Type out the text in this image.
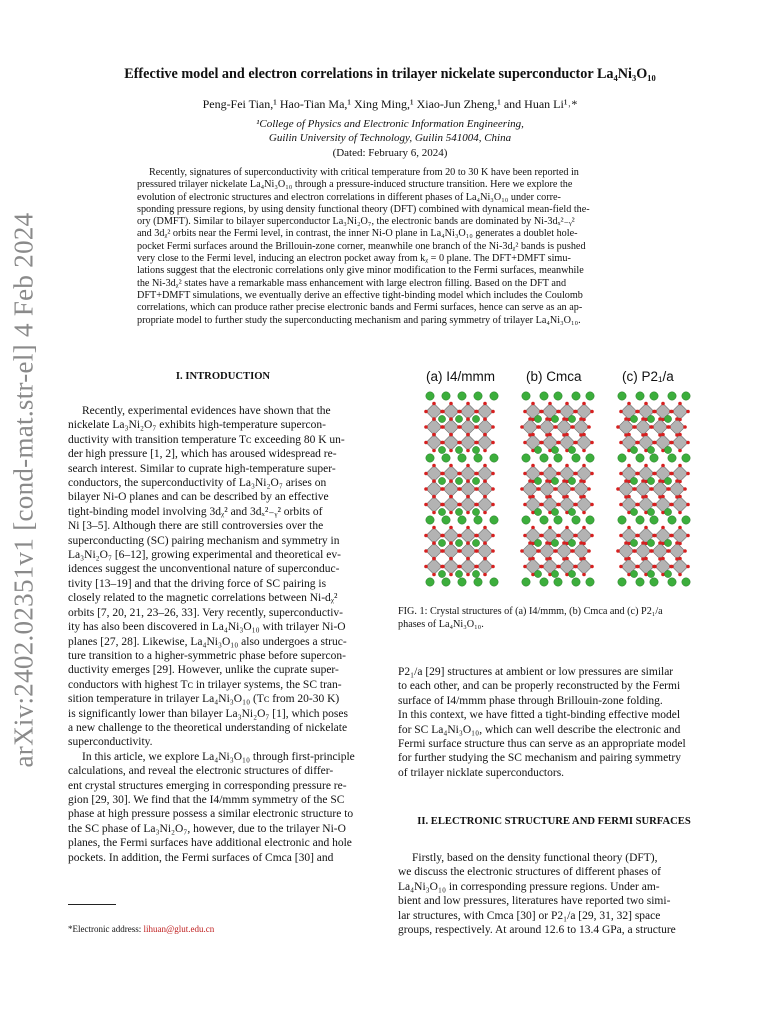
arXiv:2402.02351v1 [cond-mat.str-el] 4 Feb 2024
Effective model and electron correlations in trilayer nickelate superconductor La₄Ni₃O₁₀
Peng-Fei Tian,¹ Hao-Tian Ma,¹ Xing Ming,¹ Xiao-Jun Zheng,¹ and Huan Li¹˒*
¹College of Physics and Electronic Information Engineering,
Guilin University of Technology, Guilin 541004, China
(Dated: February 6, 2024)
Recently, signatures of superconductivity with critical temperature from 20 to 30 K have been reported in
pressured trilayer nickelate La₄Ni₃O₁₀ through a pressure-induced structure transition. Here we explore the
evolution of electronic structures and electron correlations in different phases of La₄Ni₃O₁₀ under corre-
sponding pressure regions, by using density functional theory (DFT) combined with dynamical mean-field the-
ory (DMFT). Similar to bilayer superconductor La₃Ni₂O₇, the electronic bands are dominated by Ni-3dₓ²₋ᵧ²
and 3dᵪ² orbits near the Fermi level, in contrast, the inner Ni-O plane in La₄Ni₃O₁₀ generates a doublet hole-
pocket Fermi surfaces around the Brillouin-zone corner, meanwhile one branch of the Ni-3dᵪ² bands is pushed
very close to the Fermi level, inducing an electron pocket away from kᵪ = 0 plane. The DFT+DMFT simu-
lations suggest that the electronic correlations only give minor modification to the Fermi surfaces, meanwhile
the Ni-3dᵪ² states have a remarkable mass enhancement with large electron filling. Based on the DFT and
DFT+DMFT simulations, we eventually derive an effective tight-binding model which includes the Coulomb
correlations, which can produce rather precise electronic bands and Fermi surfaces, hence can serve as an ap-
propriate model to further study the superconducting mechanism and paring symmetry of trilayer La₄Ni₃O₁₀.
I. INTRODUCTION
Recently, experimental evidences have shown that the
nickelate La₃Ni₂O₇ exhibits high-temperature supercon-
ductivity with transition temperature Tᴄ exceeding 80 K un-
der high pressure [1, 2], which has aroused widespread re-
search interest. Similar to cuprate high-temperature super-
conductors, the superconductivity of La₃Ni₂O₇ arises on
bilayer Ni-O planes and can be described by an effective
tight-binding model involving 3dᵪ² and 3dₓ²₋ᵧ² orbits of
Ni [3–5]. Although there are still controversies over the
superconducting (SC) pairing mechanism and symmetry in
La₃Ni₂O₇ [6–12], growing experimental and theoretical ev-
idences suggest the unconventional nature of superconduc-
tivity [13–19] and that the driving force of SC pairing is
closely related to the magnetic correlations between Ni-dᵪ²
orbits [7, 20, 21, 23–26, 33]. Very recently, superconductiv-
ity has also been discovered in La₄Ni₃O₁₀ with trilayer Ni-O
planes [27, 28]. Likewise, La₄Ni₃O₁₀ also undergoes a struc-
ture transition to a higher-symmetric phase before supercon-
ductivity emerges [29]. However, unlike the cuprate super-
conductors with highest Tᴄ in trilayer systems, the SC tran-
sition temperature in trilayer La₄Ni₃O₁₀ (Tᴄ from 20-30 K)
is significantly lower than bilayer La₃Ni₂O₇ [1], which poses
a new challenge to the theoretical understanding of nickelate
superconductivity.
In this article, we explore La₄Ni₃O₁₀ through first-principle
calculations, and reveal the electronic structures of differ-
ent crystal structures emerging in corresponding pressure re-
gion [29, 30]. We find that the I4/mmm symmetry of the SC
phase at high pressure possess a similar electronic structure to
the SC phase of La₃Ni₂O₇, however, due to the trilayer Ni-O
planes, the Fermi surfaces have additional electronic and hole
pockets. In addition, the Fermi surfaces of Cmca [30] and
*Electronic address: lihuan@glut.edu.cn
(a) I4/mmm (b) Cmca	(c) P2₁/a
FIG. 1: Crystal structures of (a) I4/mmm, (b) Cmca and (c) P2₁/a
phases of La₄Ni₃O₁₀.
P2₁/a [29] structures at ambient or low pressures are similar
to each other, and can be properly reconstructed by the Fermi
surface of I4/mmm phase through Brillouin-zone folding.
In this context, we have fitted a tight-binding effective model
for SC La₄Ni₃O₁₀, which can well describe the electronic and
Fermi surface structure thus can serve as an appropriate model
for further studying the SC mechanism and pairing symmetry
of trilayer nicklate superconductors.
II. ELECTRONIC STRUCTURE AND FERMI SURFACES
Firstly, based on the density functional theory (DFT),
we discuss the electronic structures of different phases of
La₄Ni₃O₁₀ in corresponding pressure regions. Under am-
bient and low pressures, literatures have reported two simi-
lar structures, with Cmca [30] or P2₁/a [29, 31, 32] space
groups, respectively. At around 12.6 to 13.4 GPa, a structure
